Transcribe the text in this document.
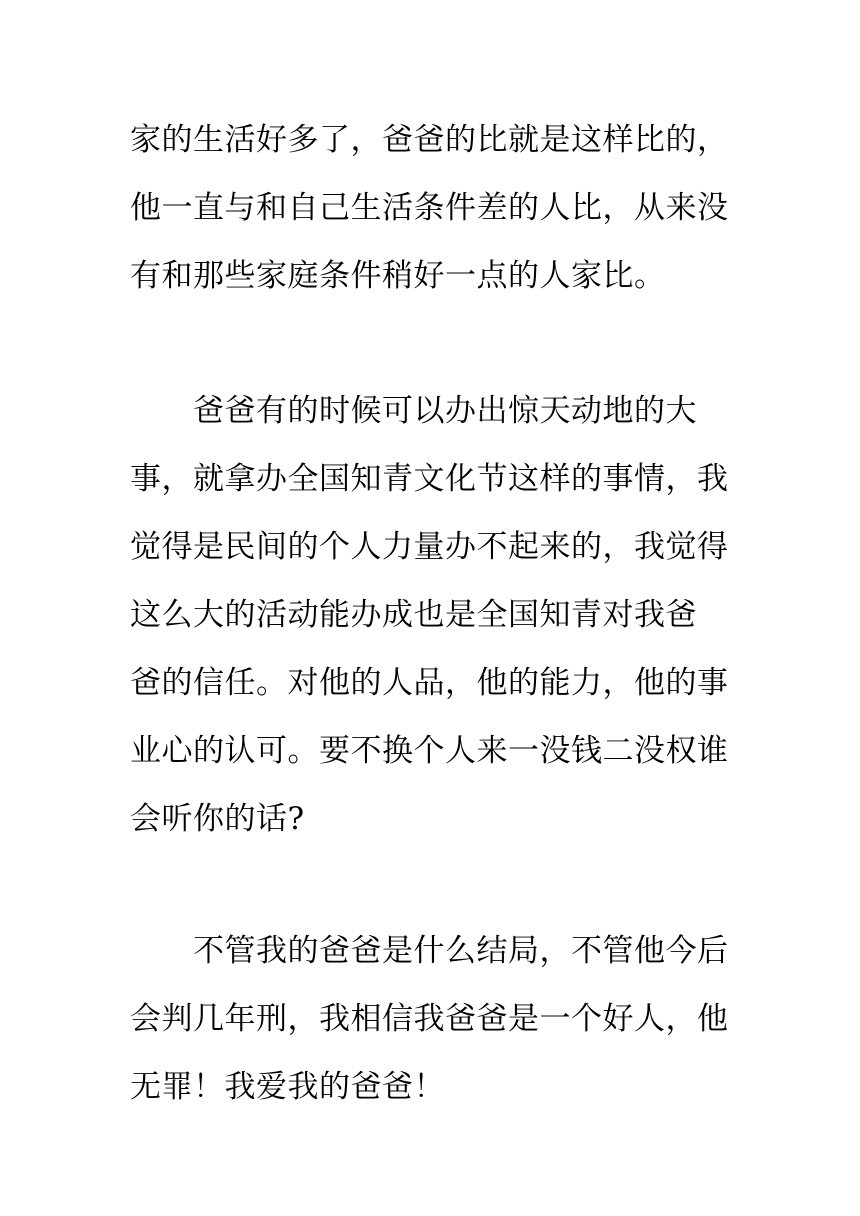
家的生活好多了，爸爸的比就是这样比的，
他一直与和自己生活条件差的人比，从来没
有和那些家庭条件稍好一点的人家比。
　　爸爸有的时候可以办出惊天动地的大
事，就拿办全国知青文化节这样的事情，我
觉得是民间的个人力量办不起来的，我觉得
这么大的活动能办成也是全国知青对我爸
爸的信任。对他的人品，他的能力，他的事
业心的认可。要不换个人来一没钱二没权谁
会听你的话?
　　不管我的爸爸是什么结局，不管他今后
会判几年刑，我相信我爸爸是一个好人，他
无罪！我爱我的爸爸！
